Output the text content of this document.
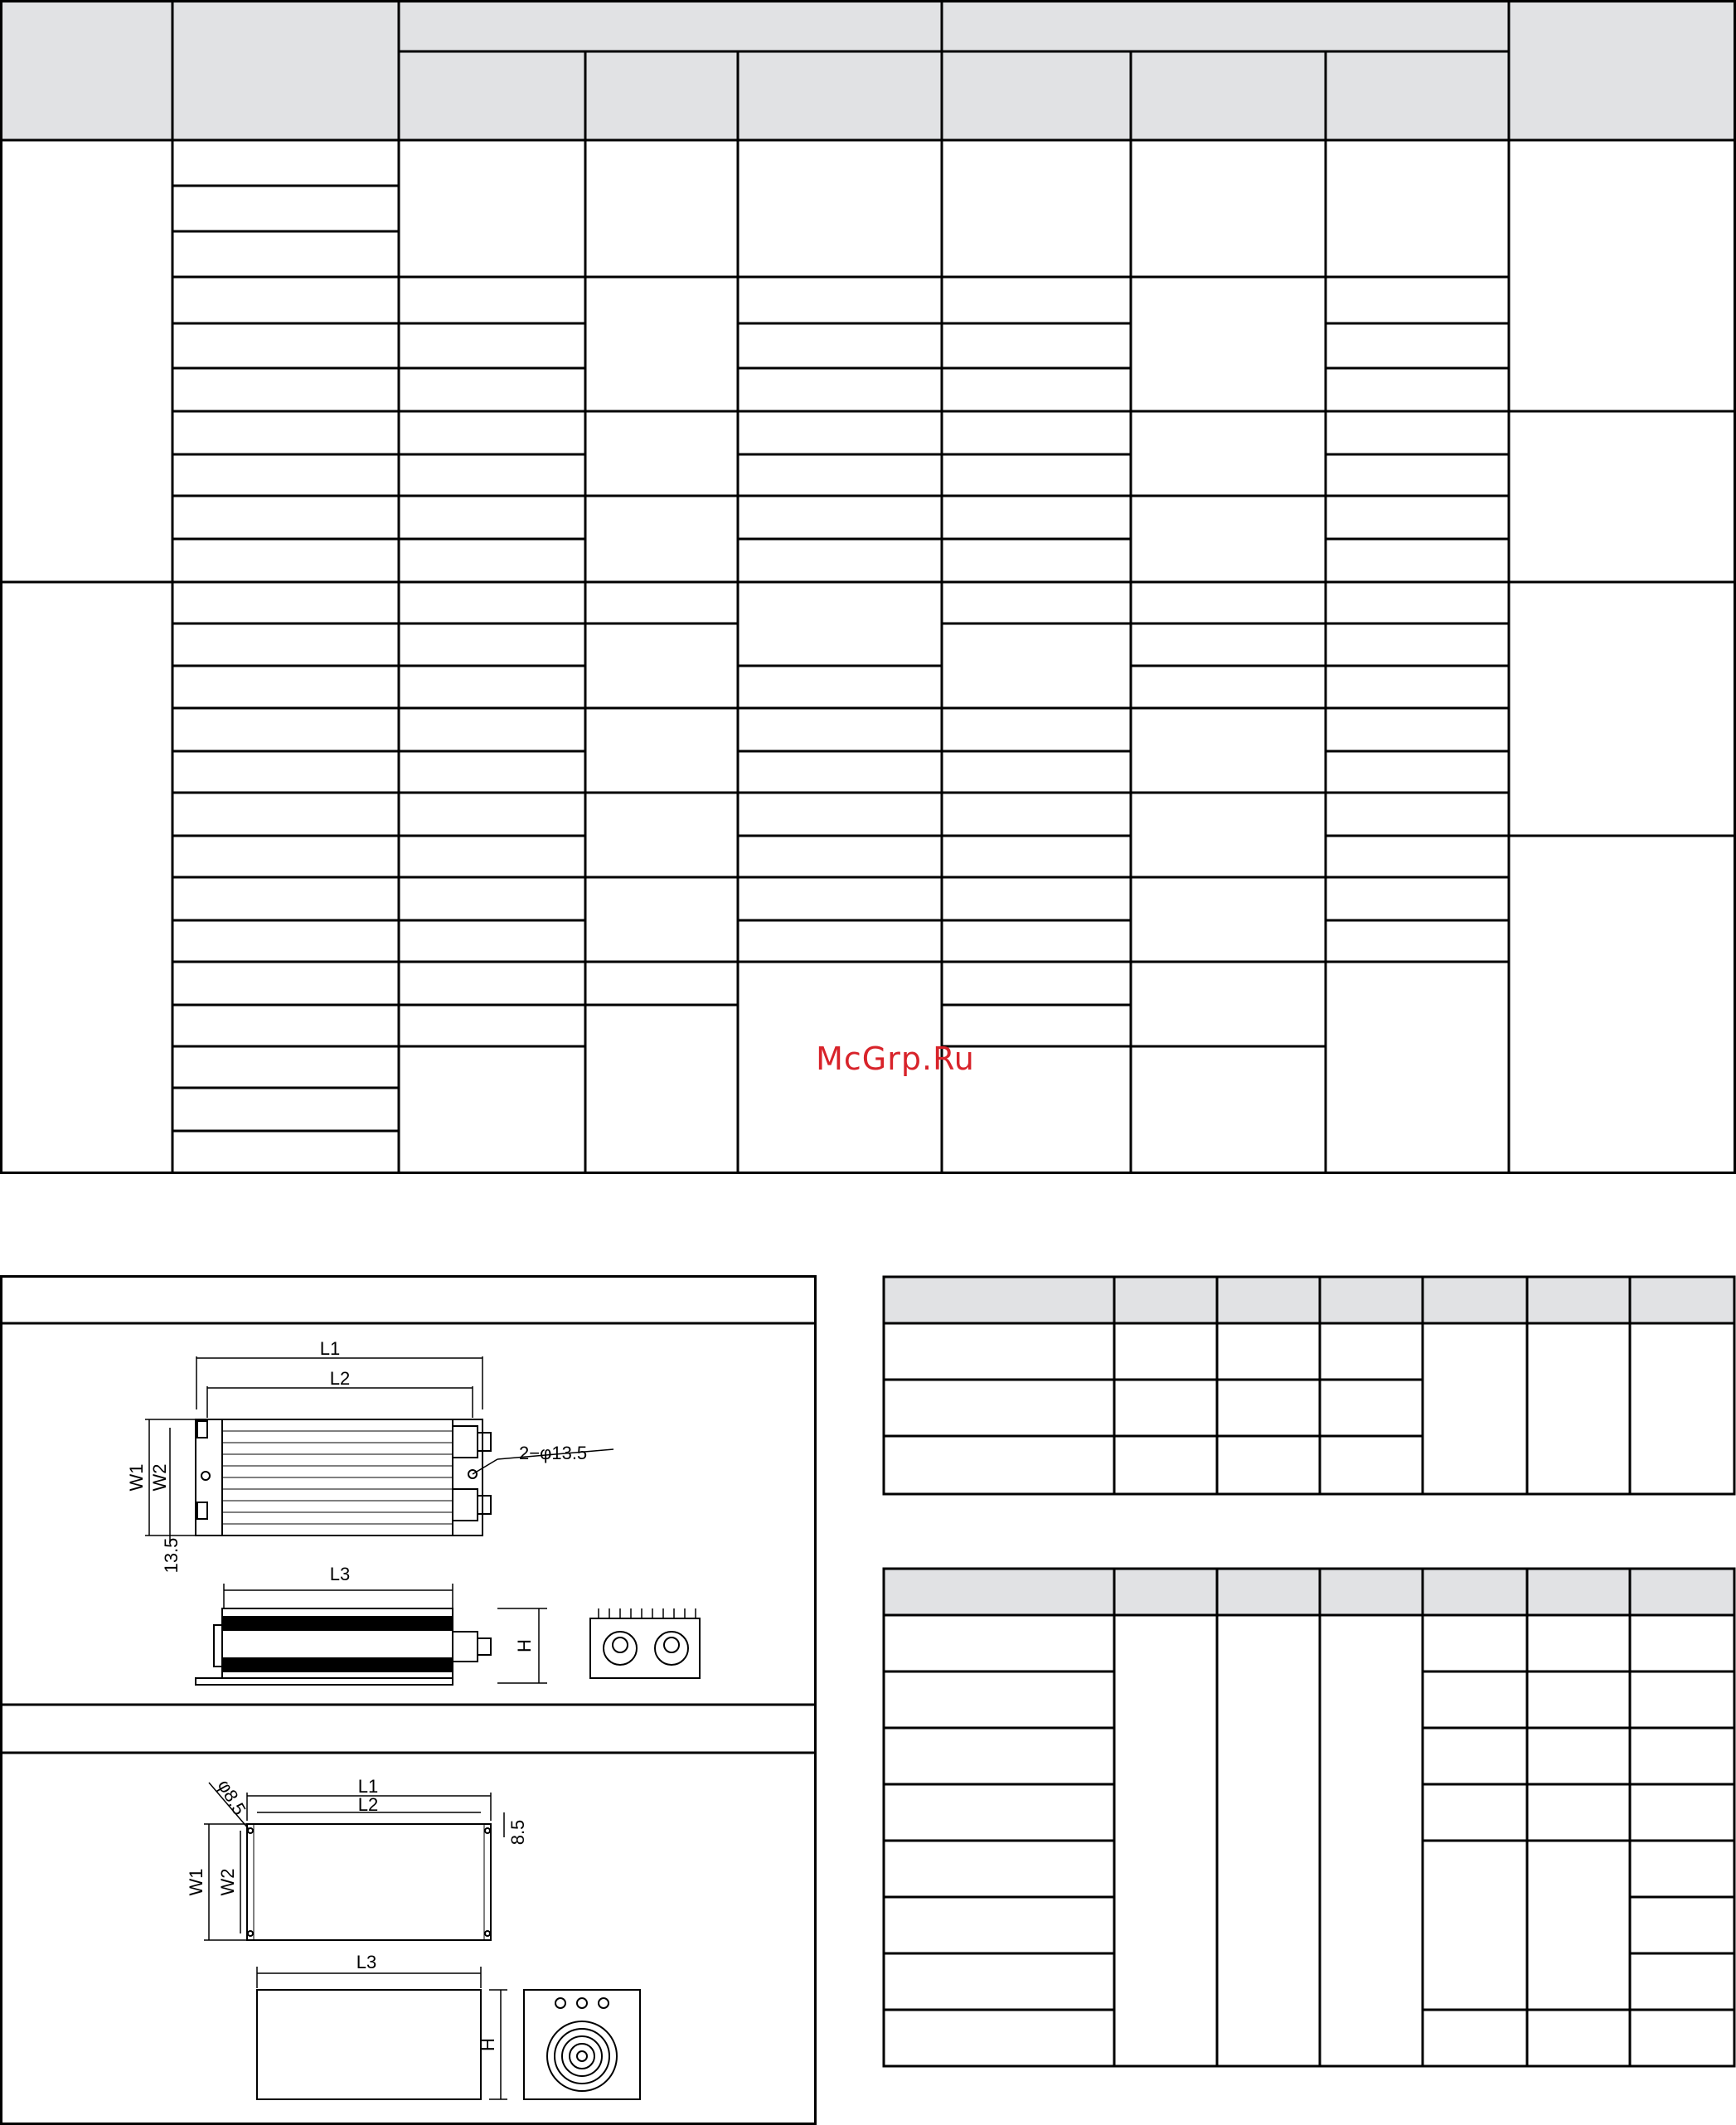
L1
L2
W1 W2
2−φ13.5
13.5
L3
H
φ8.5	L1
L2
W1 W2
8.5
L3
H
McGrp.Ru
